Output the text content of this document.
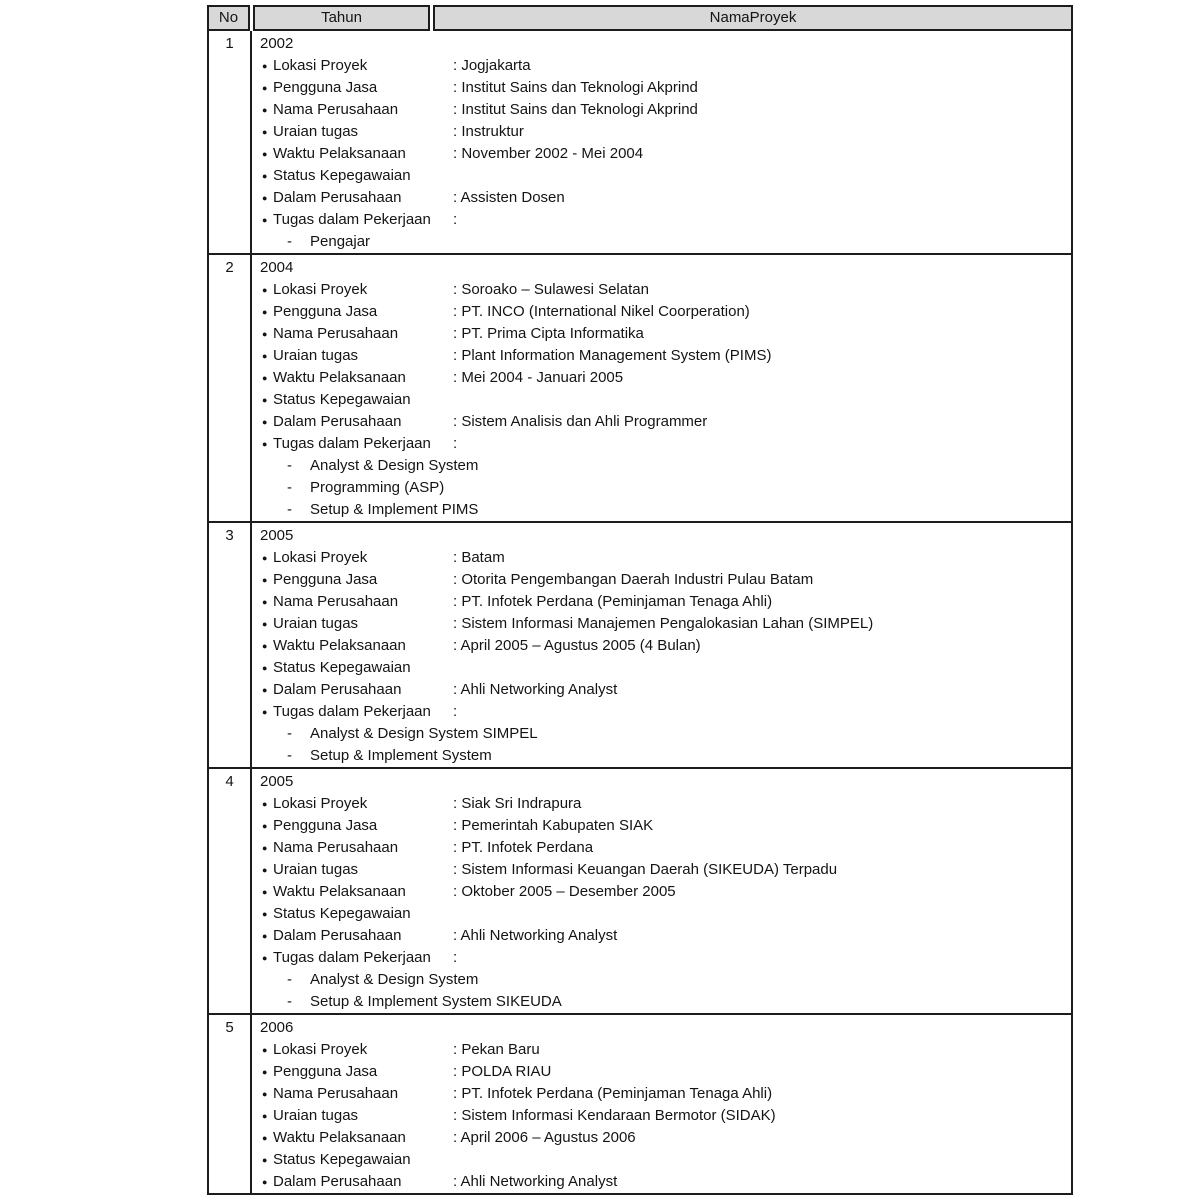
No	Tahun	NamaProyek
1	2002
● Lokasi Proyek	: Jogjakarta
● Pengguna Jasa	: Institut Sains dan Teknologi Akprind
● Nama Perusahaan	: Institut Sains dan Teknologi Akprind
● Uraian tugas	: Instruktur
● Waktu Pelaksanaan	: November 2002 - Mei 2004
● Status Kepegawaian
● Dalam Perusahaan	: Assisten Dosen
● Tugas dalam Pekerjaan	:
-	Pengajar
2	2004
● Lokasi Proyek	: Soroako – Sulawesi Selatan
● Pengguna Jasa	: PT. INCO (International Nikel Coorperation)
● Nama Perusahaan	: PT. Prima Cipta Informatika
● Uraian tugas	: Plant Information Management System (PIMS)
● Waktu Pelaksanaan	: Mei 2004 - Januari 2005
● Status Kepegawaian
● Dalam Perusahaan	: Sistem Analisis dan Ahli Programmer
● Tugas dalam Pekerjaan	:
-	Analyst & Design System
-	Programming (ASP)
-	Setup & Implement PIMS
3	2005
● Lokasi Proyek	: Batam
● Pengguna Jasa	: Otorita Pengembangan Daerah Industri Pulau Batam
● Nama Perusahaan	: PT. Infotek Perdana (Peminjaman Tenaga Ahli)
● Uraian tugas	: Sistem Informasi Manajemen Pengalokasian Lahan (SIMPEL)
● Waktu Pelaksanaan	: April 2005 – Agustus 2005 (4 Bulan)
● Status Kepegawaian
● Dalam Perusahaan	: Ahli Networking Analyst
● Tugas dalam Pekerjaan	:
-	Analyst & Design System SIMPEL
-	Setup & Implement System
4	2005
● Lokasi Proyek	: Siak Sri Indrapura
● Pengguna Jasa	: Pemerintah Kabupaten SIAK
● Nama Perusahaan	: PT. Infotek Perdana
● Uraian tugas	: Sistem Informasi Keuangan Daerah (SIKEUDA) Terpadu
● Waktu Pelaksanaan	: Oktober 2005 – Desember 2005
● Status Kepegawaian
● Dalam Perusahaan	: Ahli Networking Analyst
● Tugas dalam Pekerjaan	:
-	Analyst & Design System
-	Setup & Implement System SIKEUDA
5	2006
● Lokasi Proyek	: Pekan Baru
● Pengguna Jasa	: POLDA RIAU
● Nama Perusahaan	: PT. Infotek Perdana (Peminjaman Tenaga Ahli)
● Uraian tugas	: Sistem Informasi Kendaraan Bermotor (SIDAK)
● Waktu Pelaksanaan	: April 2006 – Agustus 2006
● Status Kepegawaian
● Dalam Perusahaan	: Ahli Networking Analyst
